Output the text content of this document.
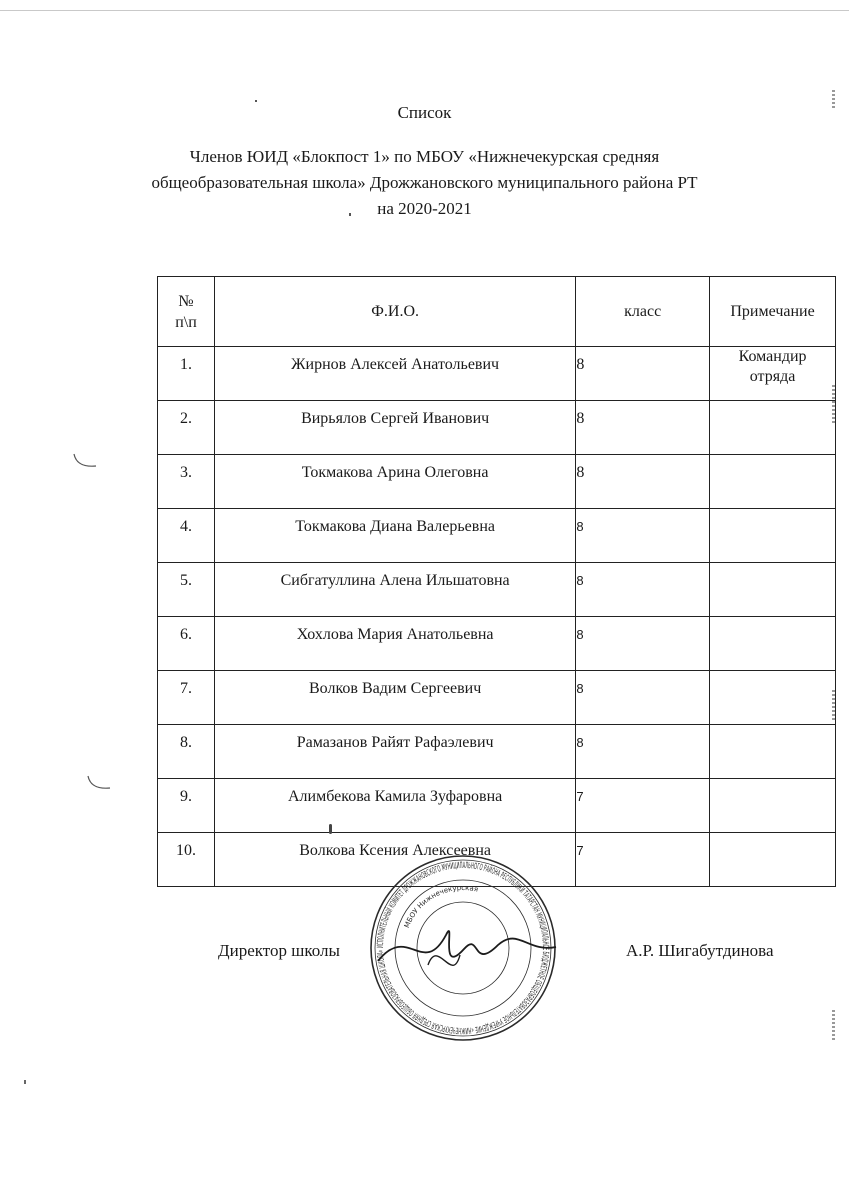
Список
Членов ЮИД «Блокпост 1» по МБОУ «Нижнечекурская средняя
общеобразовательная школа» Дрожжановского муниципального района РТ
на 2020-2021
№ п\п	Ф.И.О.	класс	Примечание
1.	Жирнов Алексей Анатольевич	8	Командир отряда
2.	Вирьялов Сергей Иванович	8	
3.	Токмакова Арина Олеговна	8	
4.	Токмакова Диана Валерьевна	8	
5.	Сибгатуллина Алена Ильшатовна	8	
6.	Хохлова Мария Анатольевна	8	
7.	Волков Вадим Сергеевич	8	
8.	Рамазанов Райят Рафаэлевич	8	
9.	Алимбекова Камила Зуфаровна	7	
10.	Волкова Ксения Алексеевна	7	
Директор школы	А.Р. Шигабутдинова
ИСПОЛНИТЕЛЬНЫЙ КОМИТЕТ ДРОЖЖАНОВСКОГО МУНИЦИПАЛЬНОГО РАЙОНА РЕСПУБЛИКИ ТАТАРСТАН МУНИЦИПАЛЬНОЕ БЮДЖЕТНОЕ ОБЩЕОБРАЗОВАТЕЛЬНОЕ УЧРЕЖДЕНИЕ «НИЖНЕЧЕКУРСКАЯ СРЕДНЯЯ ОБЩЕОБРАЗОВАТЕЛЬНАЯ ШКОЛА»
МБОУ Нижнечекурская
